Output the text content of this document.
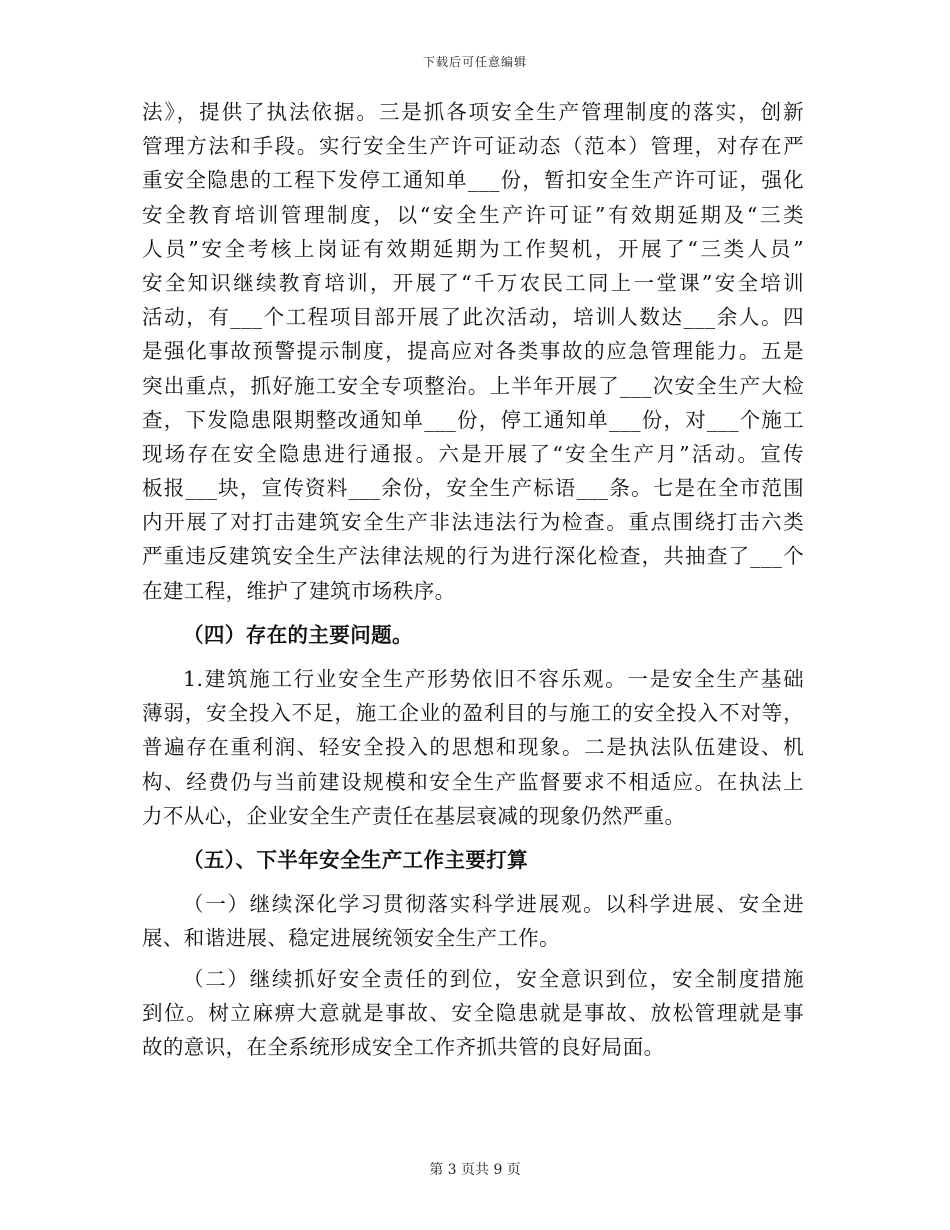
下载后可任意编辑
法》，提供了执法依据。三是抓各项安全生产管理制度的落实，创新
管理方法和手段。实行安全生产许可证动态（范本）管理，对存在严
重安全隐患的工程下发停工通知单___份，暂扣安全生产许可证，强化
安全教育培训管理制度，以“安全生产许可证”有效期延期及“三类
人员”安全考核上岗证有效期延期为工作契机，开展了“三类人员”
安全知识继续教育培训，开展了“千万农民工同上一堂课”安全培训
活动，有___个工程项目部开展了此次活动，培训人数达___余人。四
是强化事故预警提示制度，提高应对各类事故的应急管理能力。五是
突出重点，抓好施工安全专项整治。上半年开展了___次安全生产大检
查，下发隐患限期整改通知单___份，停工通知单___份，对___个施工
现场存在安全隐患进行通报。六是开展了“安全生产月”活动。宣传
板报___块，宣传资料___余份，安全生产标语___条。七是在全市范围
内开展了对打击建筑安全生产非法违法行为检查。重点围绕打击六类
严重违反建筑安全生产法律法规的行为进行深化检查，共抽查了___个
在建工程，维护了建筑市场秩序。
（四）存在的主要问题。
1.建筑施工行业安全生产形势依旧不容乐观。一是安全生产基础
薄弱，安全投入不足，施工企业的盈利目的与施工的安全投入不对等，
普遍存在重利润、轻安全投入的思想和现象。二是执法队伍建设、机
构、经费仍与当前建设规模和安全生产监督要求不相适应。在执法上
力不从心，企业安全生产责任在基层衰减的现象仍然严重。
（五）、下半年安全生产工作主要打算
（一）继续深化学习贯彻落实科学进展观。以科学进展、安全进
展、和谐进展、稳定进展统领安全生产工作。
（二）继续抓好安全责任的到位，安全意识到位，安全制度措施
到位。树立麻痹大意就是事故、安全隐患就是事故、放松管理就是事
故的意识，在全系统形成安全工作齐抓共管的良好局面。
第 3 页共 9 页
